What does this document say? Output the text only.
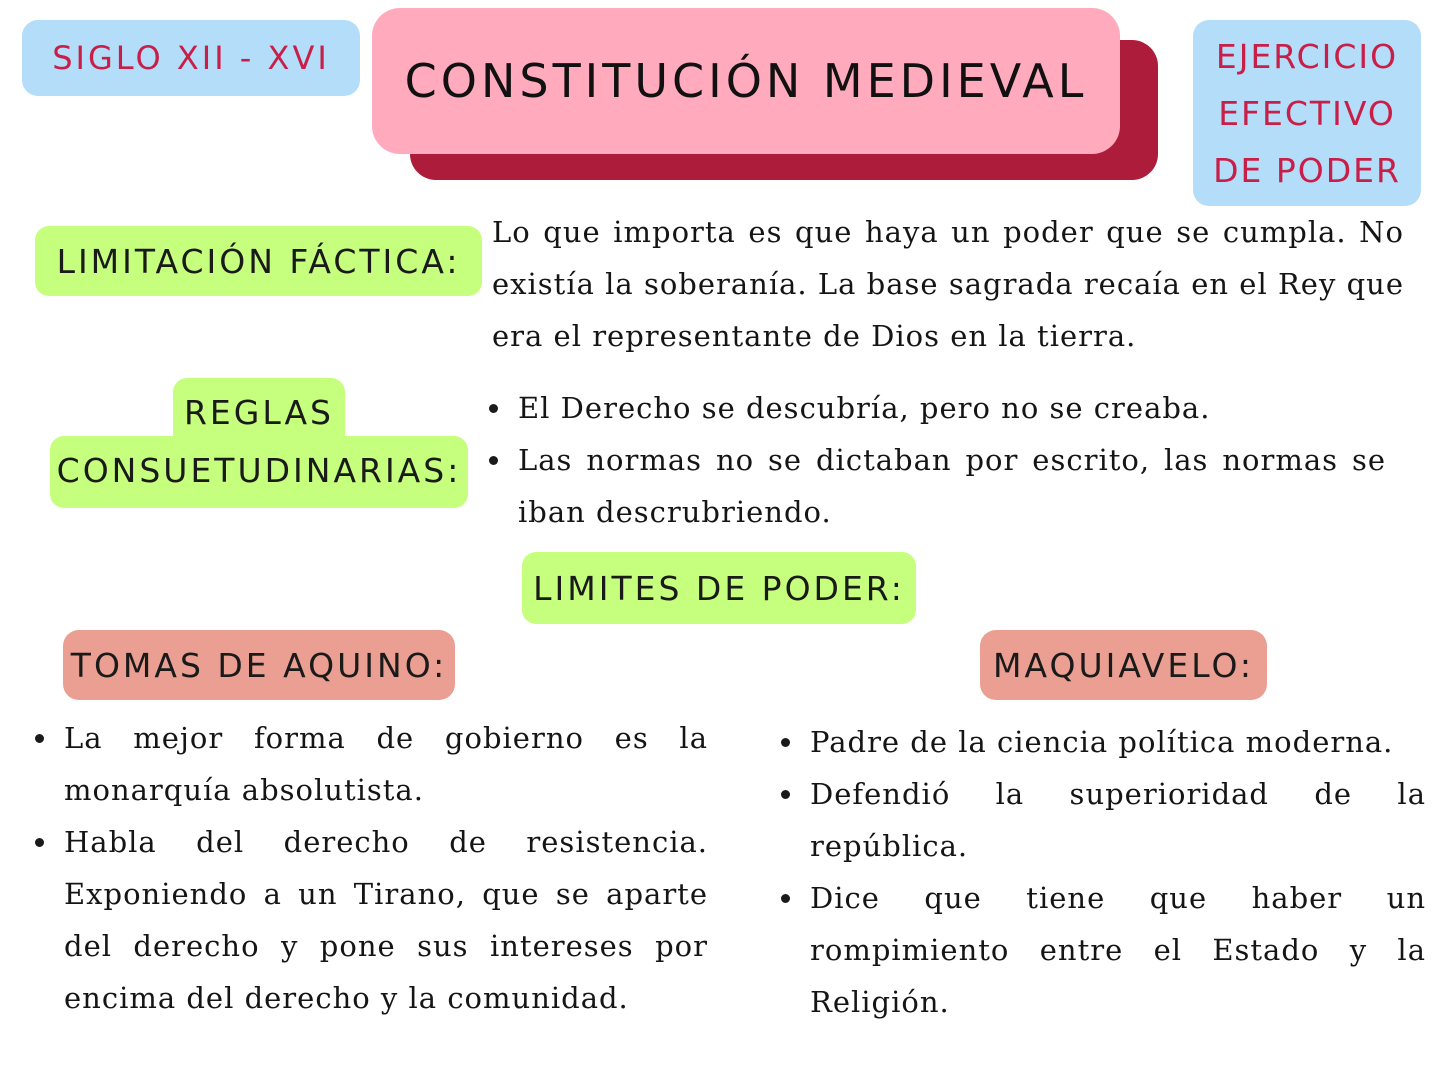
SIGLO XII - XVI CONSTITUCIÓN MEDIEVAL	EJERCICIO
EFECTIVO
DE PODER
LIMITACIÓN FÁCTICA:
Lo que importa es que haya un poder que se cumpla. No existía la soberanía. La base sagrada recaía en el Rey que era el representante de Dios en la tierra.
REGLAS
CONSUETUDINARIAS:
El Derecho se descubría, pero no se creaba.
Las normas no se dictaban por escrito, las normas se iban descrubriendo.
LIMITES DE PODER:
TOMAS DE AQUINO:
La mejor forma de gobierno es la monarquía absolutista.
Habla del derecho de resistencia. Exponiendo a un Tirano, que se aparte del derecho y pone sus intereses por encima del derecho y la comunidad.
MAQUIAVELO:
Padre de la ciencia política moderna.
Defendió la superioridad de la república.
Dice que tiene que haber un rompimiento entre el Estado y la Religión.
